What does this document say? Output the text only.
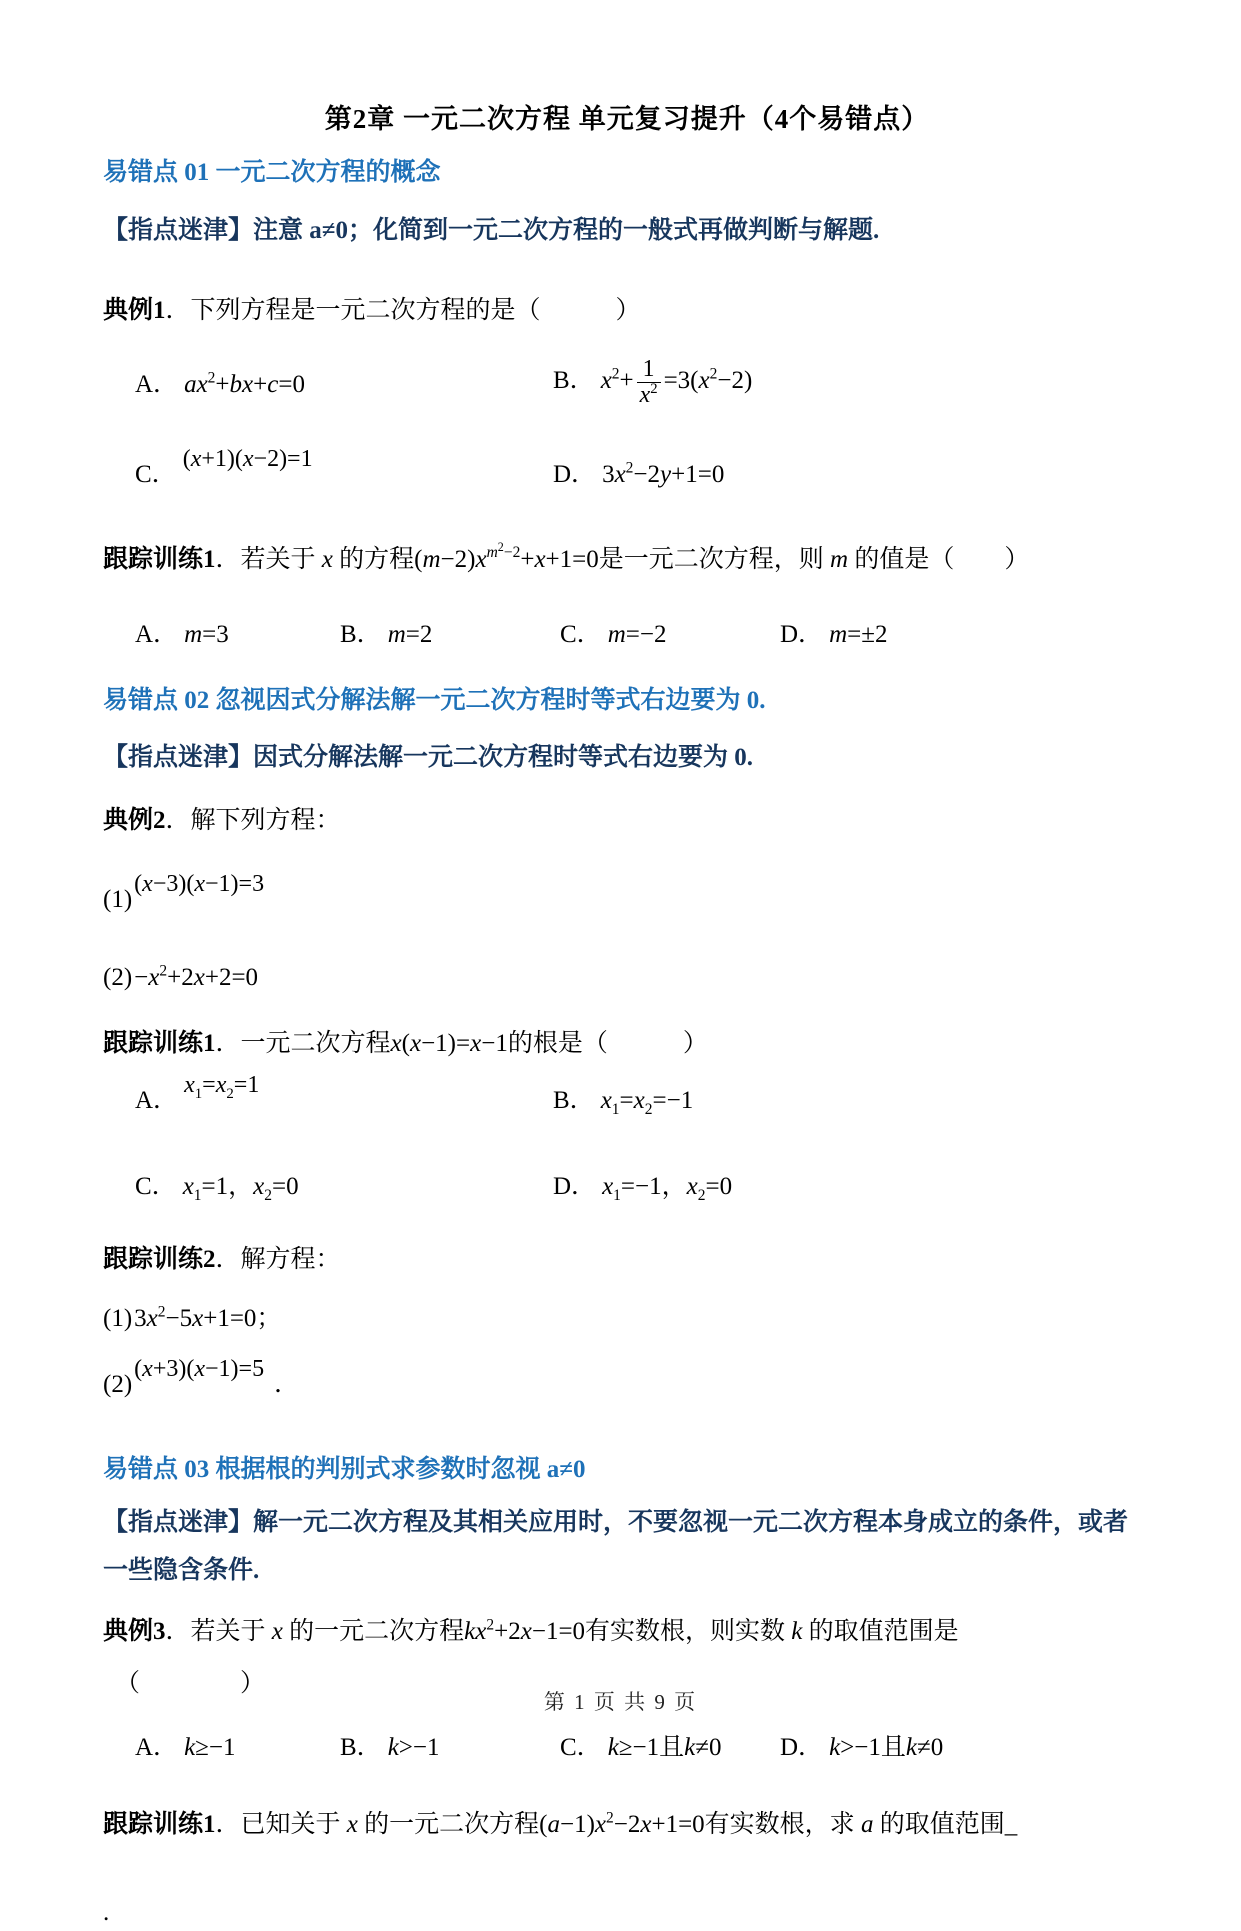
第2章 一元二次方程 单元复习提升（4个易错点）
易错点 01 一元二次方程的概念

【指点迷津】注意 a≠0；化简到一元二次方程的一般式再做判断与解题.

典例1．下列方程是一元二次方程的是（　　　）

A． $ax^2+bx+c=0$	B． $x^2+ \frac{1}{x^2} =3(x^2-2)$
C．(x+1)(x−2)=1
D． $3x^2-2y+1=0$

跟踪训练1．若关于 x 的方程$(m-2)x^{m^2-2}+x+1=0$是一元二次方程，则 m 的值是（　　）

A． m=3	B． m=2	C． m=−2	D． m=±2
易错点 02 忽视因式分解法解一元二次方程时等式右边要为 0.

【指点迷津】因式分解法解一元二次方程时等式右边要为 0.

典例2．解下列方程：

(1)(x−3)(x−1)=3

$(2)-x^2+2x+2=0$

跟踪训练1．一元二次方程x(x−1)=x−1的根是（　　　）

A．$x_1=x_2=1$
B． $x_1=x_2=-1$
C． $x_1=1$，$x_2=0$	D． $x_1=-1$，$x_2=0$

跟踪训练2．解方程：

$(1)3x^2-5x+1=0$；

(2)(x+3)(x−1)=5．

易错点 03 根据根的判别式求参数时忽视 a≠0

【指点迷津】解一元二次方程及其相关应用时，不要忽视一元二次方程本身成立的条件，或者一些隐含条件.

典例3．若关于 x 的一元二次方程$kx^2+2x-1=0$有实数根，则实数 k 的取值范围是

（　　　　）

A． k≥−1	B． k>−1	C． k≥−1且k≠0	D． k>−1且k≠0

跟踪训练1．已知关于 x 的一元二次方程$(a-1)x^2-2x+1=0$有实数根，求 a 的取值范围_

.

第 1 页 共 9 页
